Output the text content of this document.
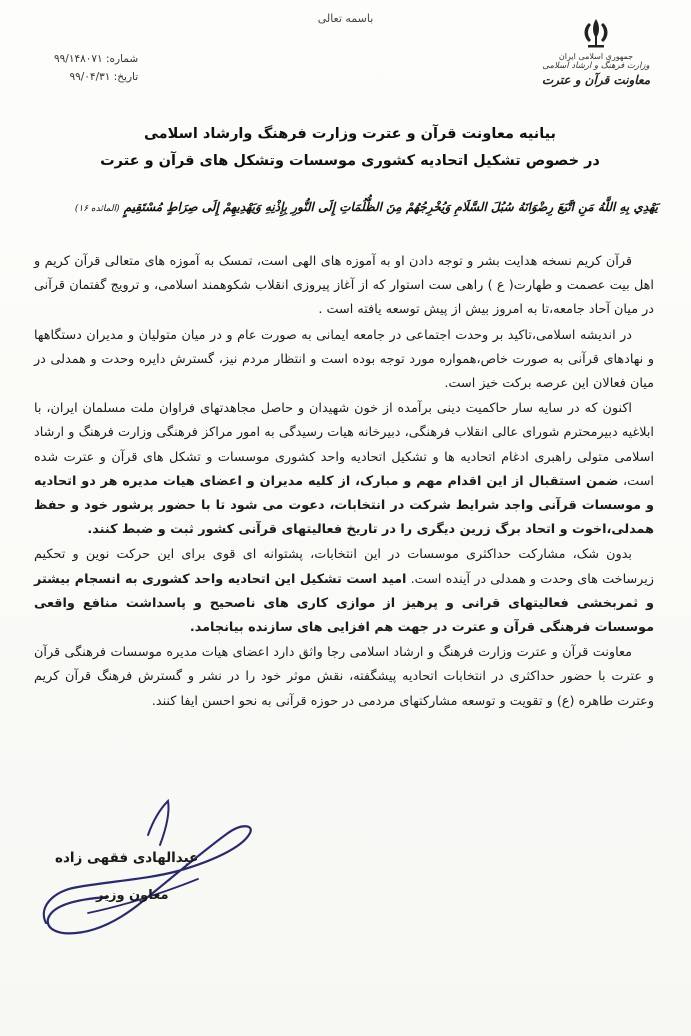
باسمه تعالی
شماره: ۹۹/۱۴۸۰۷۱
تاریخ: ۹۹/۰۴/۳۱
جمهوری اسلامی ایران
وزارت فرهنگ و ارشاد اسلامی
معاونت قرآن و عترت
بیانیه معاونت قرآن و عترت وزارت فرهنگ وارشاد اسلامی
در خصوص تشکیل اتحادیه کشوری موسسات وتشکل های قرآن و عترت
يَهْدِي بِهِ اللَّهُ مَنِ اتَّبَعَ رِضْوَانَهُ سُبُلَ السَّلَامِ وَيُخْرِجُهُمْ مِنَ الظُّلُمَاتِ إِلَى النُّورِ بِإِذْنِهِ وَيَهْدِيهِمْ إِلَى صِرَاطٍ مُسْتَقِيمٍ (المائده ۱۶)

قرآن کریم نسخه هدایت بشر و توجه دادن او به آموزه های الهی است، تمسک به آموزه های متعالی قرآن کریم و اهل بیت عصمت و طهارت( ع ) راهی ست استوار که از آغاز پیروزی انقلاب شکوهمند اسلامی، و ترویج گفتمان قرآنی در میان آحاد جامعه،تا به امروز بیش از پیش توسعه یافته است .

در اندیشه اسلامی،تاکید بر وحدت اجتماعی در جامعه ایمانی به صورت عام و در میان متولیان و مدیران دستگاهها و نهادهای قرآنی به صورت خاص،همواره مورد توجه بوده است و انتظار مردم نیز، گسترش دایره وحدت و همدلی در میان فعالان این عرصه برکت خیز است.

اکنون که در سایه سار حاکمیت دینی برآمده از خون شهیدان و حاصل مجاهدتهای فراوان ملت مسلمان ایران، با ابلاغیه دبیرمحترم شورای عالی انقلاب فرهنگی، دبیرخانه هیات رسیدگی به امور مراکز فرهنگی وزارت فرهنگ و ارشاد اسلامی متولی راهبری ادغام اتحادیه ها و تشکیل اتحادیه واحد کشوری موسسات و تشکل های قرآن و عترت شده است، ضمن استقبال از این اقدام مهم و مبارک، از کلیه مدیران و اعضای هیات مدیره هر دو اتحادیه و موسسات قرآنی واجد شرایط شرکت در انتخابات، دعوت می شود تا با حضور پرشور خود و حفظ همدلی،اخوت و اتحاد برگ زرین دیگری را در تاریخ فعالیتهای قرآنی کشور ثبت و ضبط کنند.

بدون شک، مشارکت حداکثری موسسات در این انتخابات، پشتوانه ای قوی برای این حرکت نوین و تحکیم زیرساخت های وحدت و همدلی در آینده است. امید است تشکیل این اتحادیه واحد کشوری به انسجام بیشتر و ثمربخشی فعالیتهای قرانی و پرهیز از موازی کاری های ناصحیح و پاسداشت منافع واقعی موسسات فرهنگی قرآن و عترت در جهت هم افزایی های سازنده بیانجامد.

معاونت قرآن و عترت وزارت فرهنگ و ارشاد اسلامی رجا واثق دارد اعضای هیات مدیره موسسات فرهنگی قرآن و عترت با حضور حداکثری در انتخابات اتحادیه پیشگفته، نقش موثر خود را در نشر و گسترش فرهنگ قرآن کریم وعترت طاهره (ع) و تقویت و توسعه مشارکتهای مردمی در حوزه قرآنی به نحو احسن ایفا کنند.

عبدالهادی فقهی زاده
معاون وزیر
